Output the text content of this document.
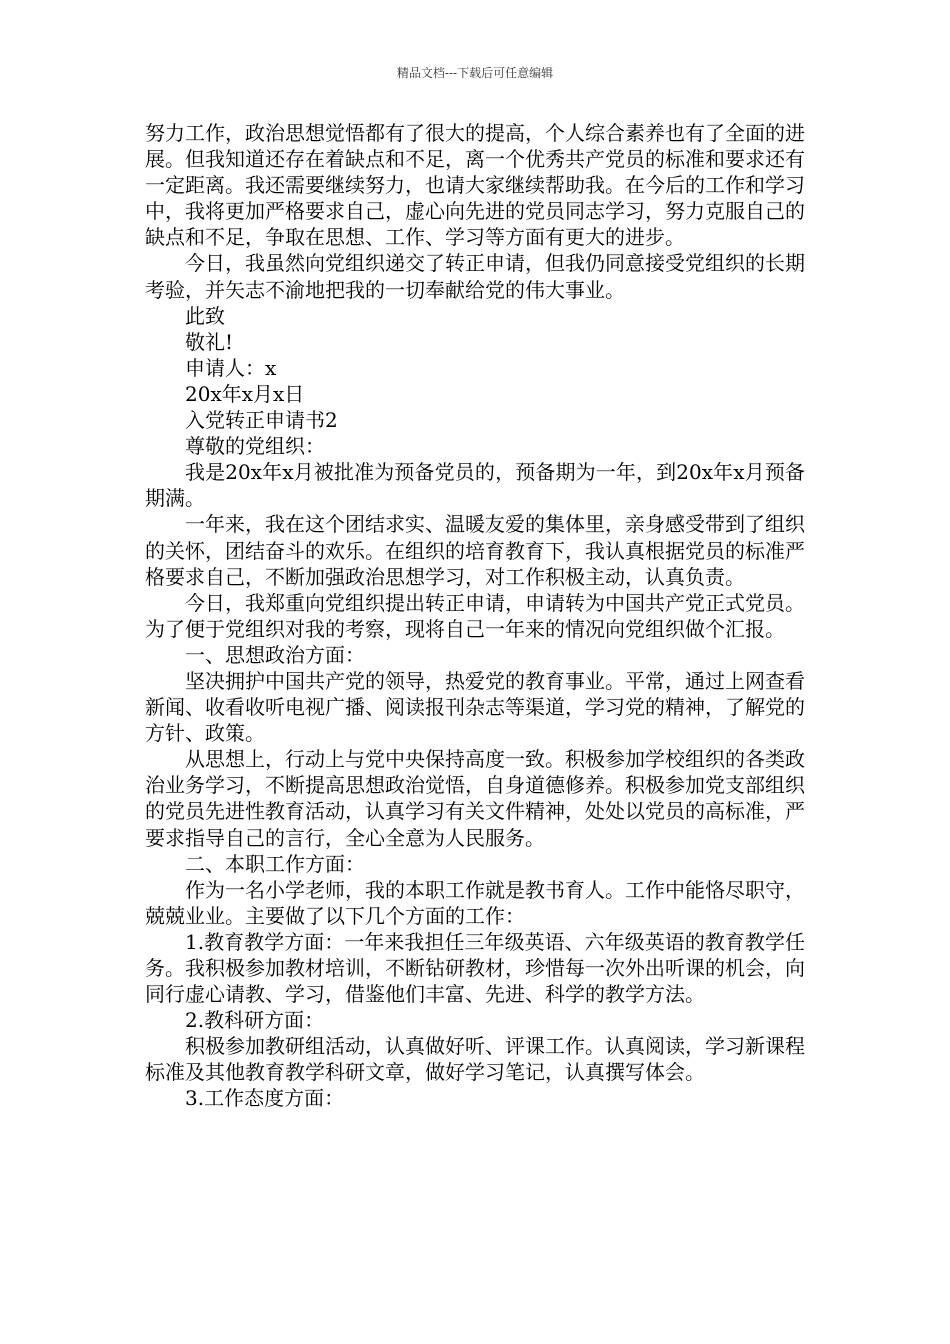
精品文档---下载后可任意编辑

努力工作，政治思想觉悟都有了很大的提高，个人综合素养也有了全面的进展。但我知道还存在着缺点和不足，离一个优秀共产党员的标准和要求还有一定距离。我还需要继续努力，也请大家继续帮助我。在今后的工作和学习中，我将更加严格要求自己，虚心向先进的党员同志学习，努力克服自己的缺点和不足，争取在思想、工作、学习等方面有更大的进步。

今日，我虽然向党组织递交了转正申请，但我仍同意接受党组织的长期考验，并矢志不渝地把我的一切奉献给党的伟大事业。

此致

敬礼!

申请人：x

20x年x月x日

入党转正申请书2

尊敬的党组织：

我是20x年x月被批准为预备党员的，预备期为一年，到20x年x月预备期满。

一年来，我在这个团结求实、温暖友爱的集体里，亲身感受带到了组织的关怀，团结奋斗的欢乐。在组织的培育教育下，我认真根据党员的标准严格要求自己，不断加强政治思想学习，对工作积极主动，认真负责。

今日，我郑重向党组织提出转正申请，申请转为中国共产党正式党员。为了便于党组织对我的考察，现将自己一年来的情况向党组织做个汇报。

一、思想政治方面：

坚决拥护中国共产党的领导，热爱党的教育事业。平常，通过上网查看新闻、收看收听电视广播、阅读报刊杂志等渠道，学习党的精神，了解党的方针、政策。

从思想上，行动上与党中央保持高度一致。积极参加学校组织的各类政治业务学习，不断提高思想政治觉悟，自身道德修养。积极参加党支部组织的党员先进性教育活动，认真学习有关文件精神，处处以党员的高标准，严要求指导自己的言行，全心全意为人民服务。

二、本职工作方面：

作为一名小学老师，我的本职工作就是教书育人。工作中能恪尽职守，兢兢业业。主要做了以下几个方面的工作：

1.教育教学方面：一年来我担任三年级英语、六年级英语的教育教学任务。我积极参加教材培训，不断钻研教材，珍惜每一次外出听课的机会，向同行虚心请教、学习，借鉴他们丰富、先进、科学的教学方法。

2.教科研方面：

积极参加教研组活动，认真做好听、评课工作。认真阅读，学习新课程标准及其他教育教学科研文章，做好学习笔记，认真撰写体会。

3.工作态度方面：
